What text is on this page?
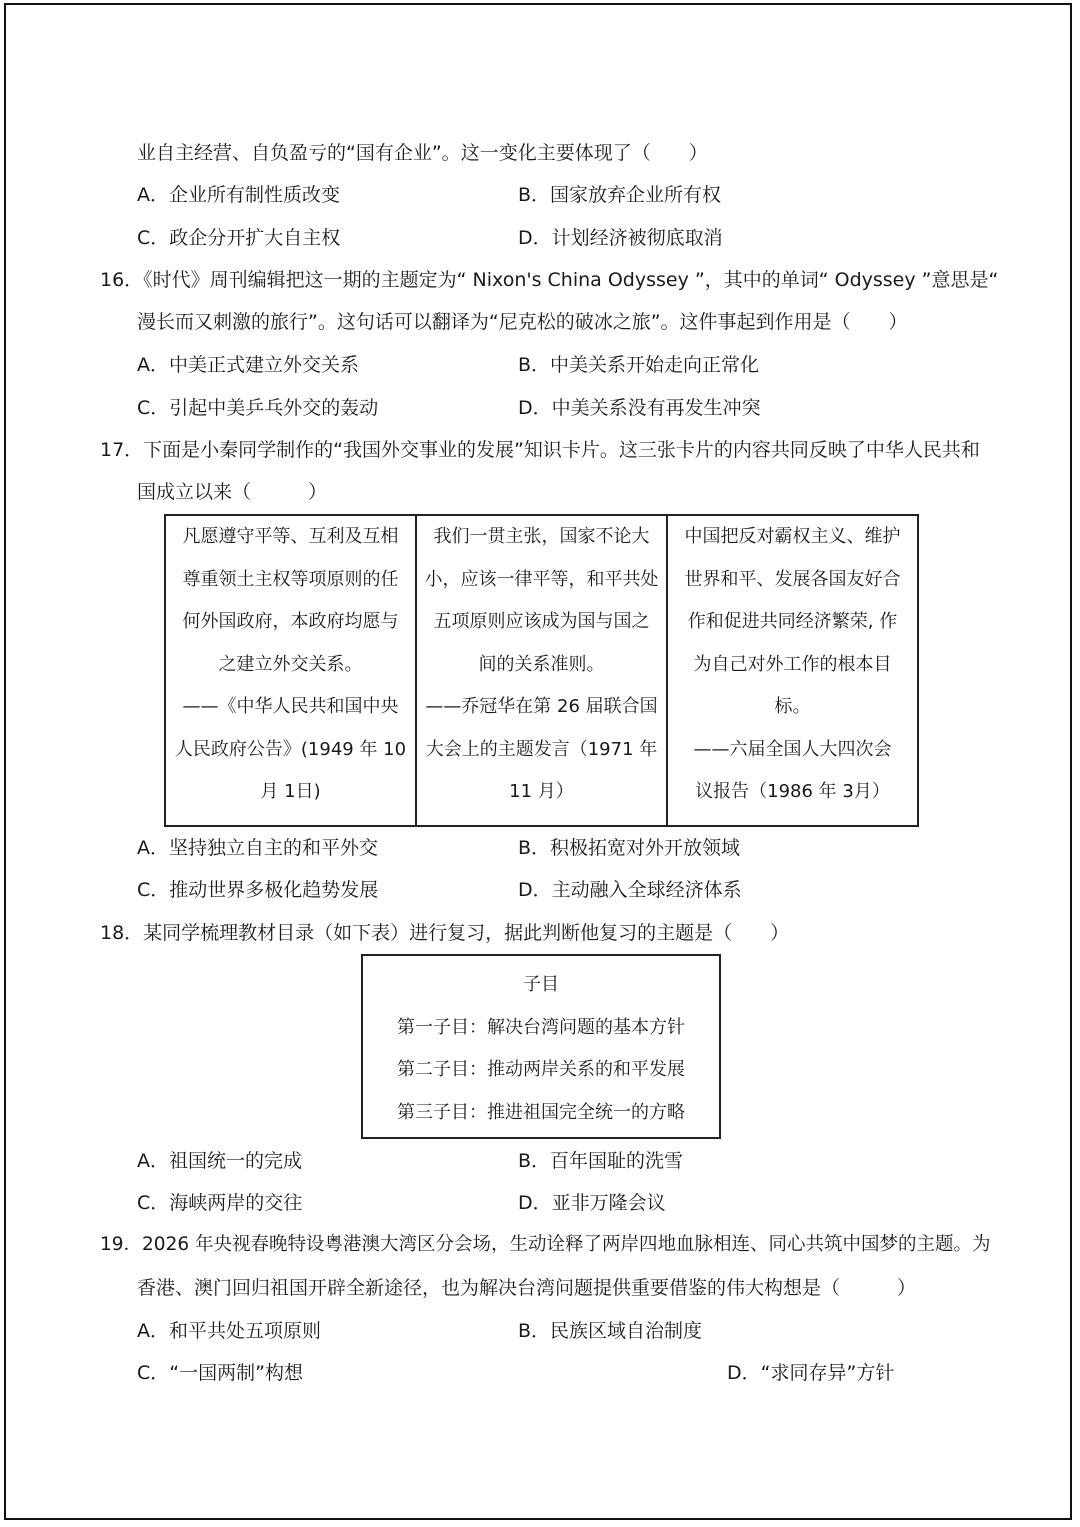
业自主经营、自负盈亏的“国有企业”。这一变化主要体现了（　　）
A．企业所有制性质改变	B．国家放弃企业所有权
C．政企分开扩大自主权	D．计划经济被彻底取消
16．《时代》周刊编辑把这一期的主题定为“ Nixon's China Odyssey ”，其中的单词“ Odyssey ”意思是“
漫长而又刺激的旅行”。这句话可以翻译为“尼克松的破冰之旅”。这件事起到作用是（　　）
A．中美正式建立外交关系	B．中美关系开始走向正常化
C．引起中美乒乓外交的轰动	D．中美关系没有再发生冲突
17．下面是小秦同学制作的“我国外交事业的发展”知识卡片。这三张卡片的内容共同反映了中华人民共和
国成立以来（　　　）
凡愿遵守平等、互利及互相
尊重领土主权等项原则的任
何外国政府，本政府均愿与
之建立外交关系。
——《中华人民共和国中央
人民政府公告》(1949 年 10
月 1日)

我们一贯主张，国家不论大
小，应该一律平等，和平共处
五项原则应该成为国与国之
间的关系准则。
——乔冠华在第 26 届联合国
大会上的主题发言（1971 年
11 月）

中国把反对霸权主义、维护
世界和平、发展各国友好合
作和促进共同经济繁荣, 作
为自己对外工作的根本目
标。
——六届全国人大四次会
议报告（1986 年 3月）
A．坚持独立自主的和平外交	B．积极拓宽对外开放领域
C．推动世界多极化趋势发展	D．主动融入全球经济体系
18．某同学梳理教材目录（如下表）进行复习，据此判断他复习的主题是（　　）
子目
第一子目：解决台湾问题的基本方针
第二子目：推动两岸关系的和平发展
第三子目：推进祖国完全统一的方略
A．祖国统一的完成	B．百年国耻的洗雪
C．海峡两岸的交往	D．亚非万隆会议
19．2026 年央视春晚特设粤港澳大湾区分会场，生动诠释了两岸四地血脉相连、同心共筑中国梦的主题。为
香港、澳门回归祖国开辟全新途径，也为解决台湾问题提供重要借鉴的伟大构想是（　　　）
A．和平共处五项原则	B．民族区域自治制度
C．“一国两制”构想	D．“求同存异”方针
